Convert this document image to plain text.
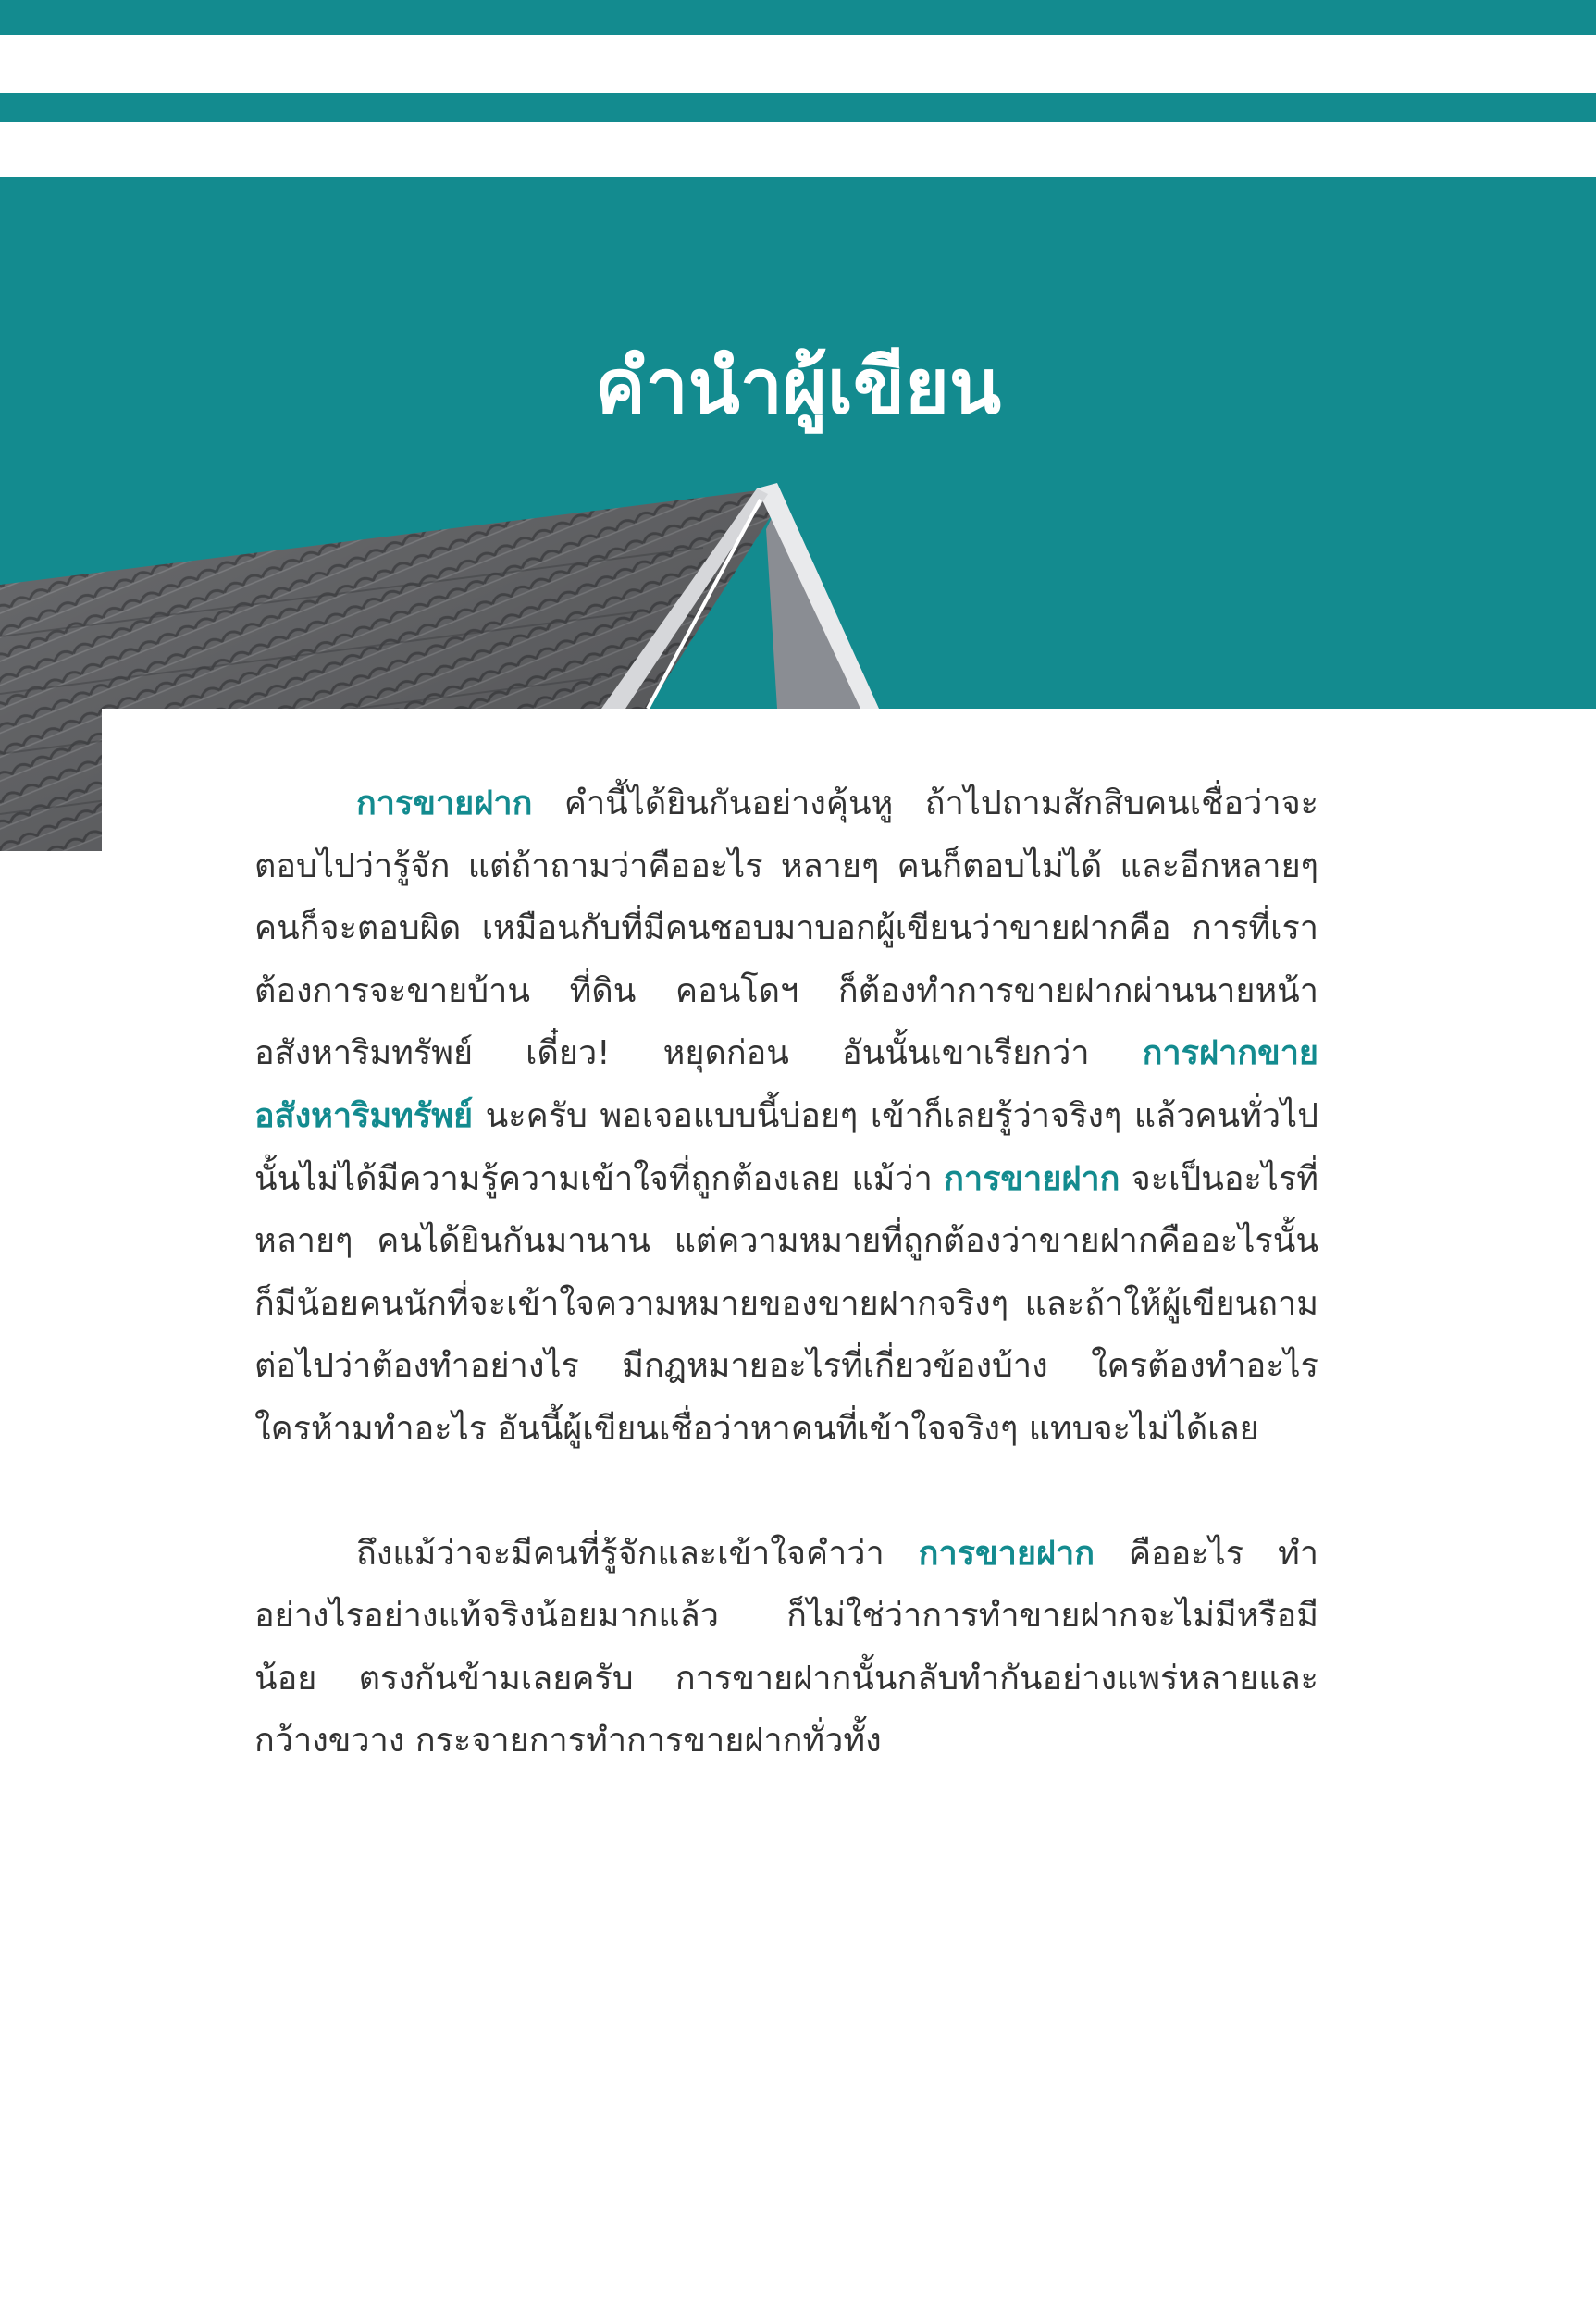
คำนำผู้เขียน

การขายฝาก คำนี้ได้ยินกันอย่างคุ้นหู ถ้าไปถามสักสิบคนเชื่อว่าจะตอบไปว่ารู้จัก แต่ถ้าถามว่าคืออะไร หลายๆ คนก็ตอบไม่ได้ และอีกหลายๆ คนก็จะตอบผิด เหมือนกับที่มีคนชอบมาบอกผู้เขียนว่าขายฝากคือ การที่เราต้องการจะขายบ้าน ที่ดิน คอนโดฯ ก็ต้องทำการขายฝากผ่านนายหน้าอสังหาริมทรัพย์ เดี๋ยว! หยุดก่อน อันนั้นเขาเรียกว่า การฝากขายอสังหาริมทรัพย์ นะครับ พอเจอแบบนี้บ่อยๆ เข้าก็เลยรู้ว่าจริงๆ แล้วคนทั่วไปนั้นไม่ได้มีความรู้ความเข้าใจที่ถูกต้องเลย แม้ว่า การขายฝาก จะเป็นอะไรที่หลายๆ คนได้ยินกันมานาน แต่ความหมายที่ถูกต้องว่าขายฝากคืออะไรนั้น ก็มีน้อยคนนักที่จะเข้าใจความหมายของขายฝากจริงๆ และถ้าให้ผู้เขียนถามต่อไปว่าต้องทำอย่างไร มีกฎหมายอะไรที่เกี่ยวข้องบ้าง ใครต้องทำอะไร ใครห้ามทำอะไร อันนี้ผู้เขียนเชื่อว่าหาคนที่เข้าใจจริงๆ แทบจะไม่ได้เลย

ถึงแม้ว่าจะมีคนที่รู้จักและเข้าใจคำว่า การขายฝาก คืออะไร ทำอย่างไรอย่างแท้จริงน้อยมากแล้ว ก็ไม่ใช่ว่าการทำขายฝากจะไม่มีหรือมีน้อย ตรงกันข้ามเลยครับ การขายฝากนั้นกลับทำกันอย่างแพร่หลายและกว้างขวาง กระจายการทำการขายฝากทั่วทั้ง
